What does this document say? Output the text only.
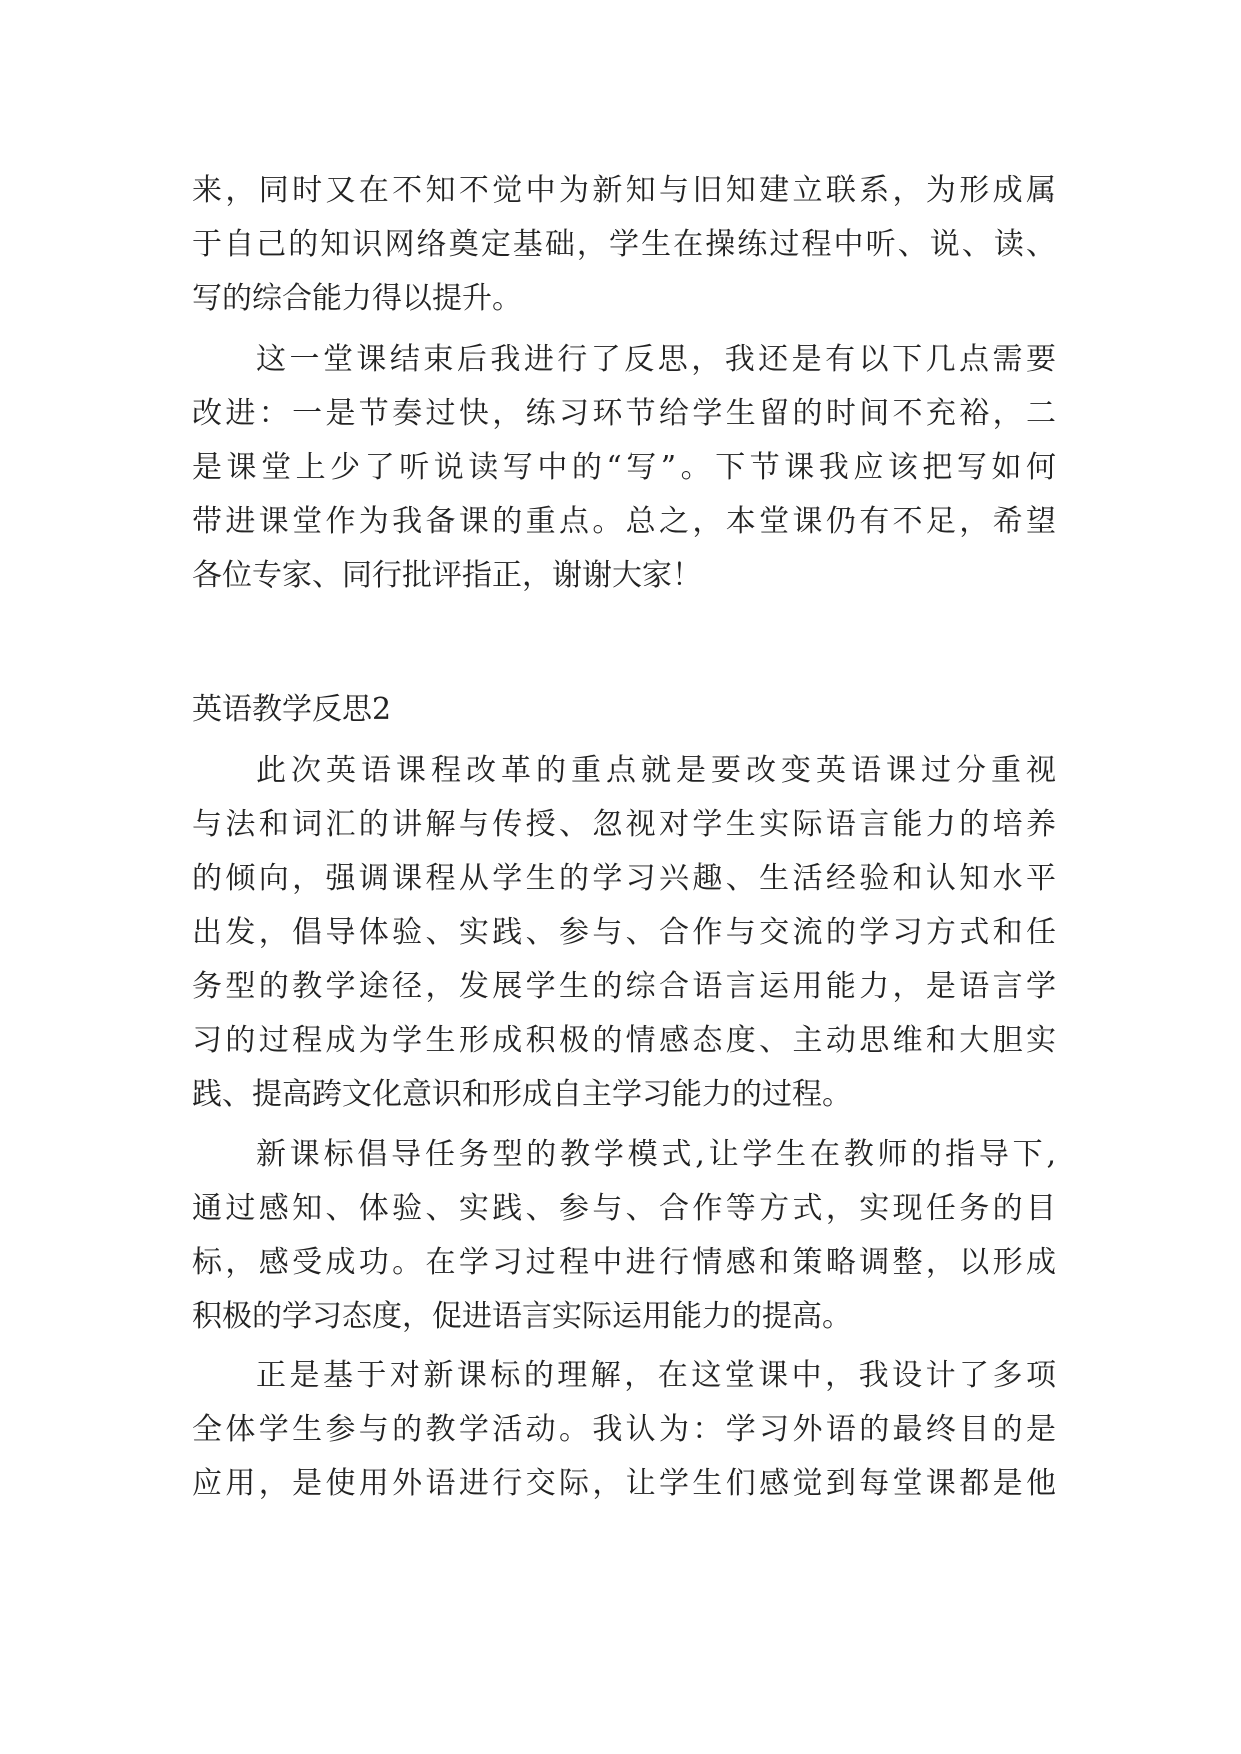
来，同时又在不知不觉中为新知与旧知建立联系，为形成属
于自己的知识网络奠定基础，学生在操练过程中听、说、读、
写的综合能力得以提升。
这一堂课结束后我进行了反思，我还是有以下几点需要
改进：一是节奏过快，练习环节给学生留的时间不充裕，二
是课堂上少了听说读写中的“写”。下节课我应该把写如何
带进课堂作为我备课的重点。总之，本堂课仍有不足，希望
各位专家、同行批评指正，谢谢大家！
英语教学反思2
此次英语课程改革的重点就是要改变英语课过分重视
与法和词汇的讲解与传授、忽视对学生实际语言能力的培养
的倾向，强调课程从学生的学习兴趣、生活经验和认知水平
出发，倡导体验、实践、参与、合作与交流的学习方式和任
务型的教学途径，发展学生的综合语言运用能力，是语言学
习的过程成为学生形成积极的情感态度、主动思维和大胆实
践、提高跨文化意识和形成自主学习能力的过程。
新课标倡导任务型的教学模式,让学生在教师的指导下,
通过感知、体验、实践、参与、合作等方式，实现任务的目
标，感受成功。在学习过程中进行情感和策略调整，以形成
积极的学习态度，促进语言实际运用能力的提高。
正是基于对新课标的理解，在这堂课中，我设计了多项
全体学生参与的教学活动。我认为：学习外语的最终目的是
应用，是使用外语进行交际，让学生们感觉到每堂课都是他
